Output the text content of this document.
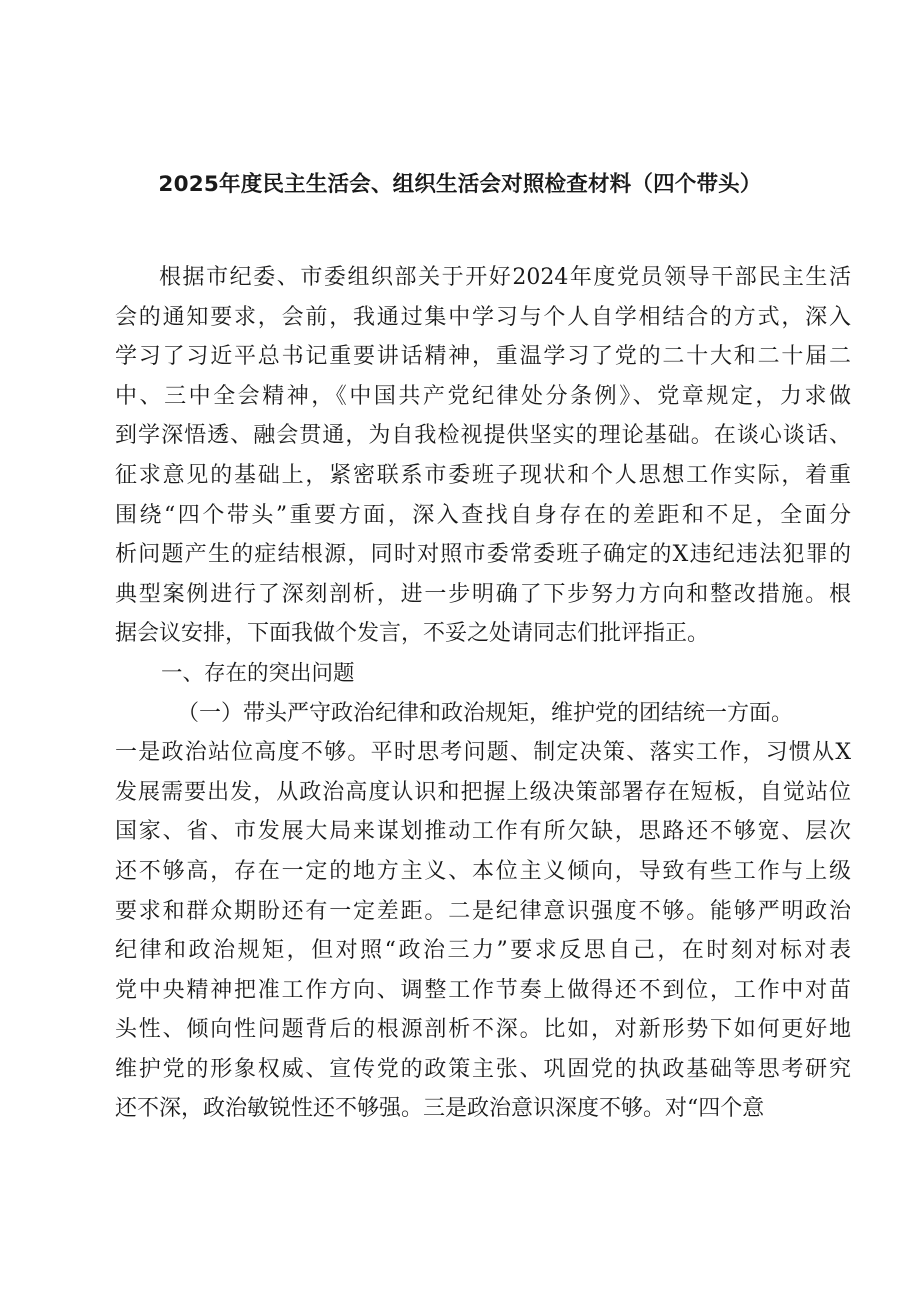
2025年度民主生活会、组织生活会对照检查材料（四个带头）
根据市纪委、市委组织部关于开好2024年度党员领导干部民主生活
会的通知要求，会前，我通过集中学习与个人自学相结合的方式，深入
学习了习近平总书记重要讲话精神，重温学习了党的二十大和二十届二
中、三中全会精神，《中国共产党纪律处分条例》、党章规定，力求做
到学深悟透、融会贯通，为自我检视提供坚实的理论基础。在谈心谈话、
征求意见的基础上，紧密联系市委班子现状和个人思想工作实际，着重
围绕“四个带头”重要方面，深入查找自身存在的差距和不足，全面分
析问题产生的症结根源，同时对照市委常委班子确定的X违纪违法犯罪的
典型案例进行了深刻剖析，进一步明确了下步努力方向和整改措施。根
据会议安排，下面我做个发言，不妥之处请同志们批评指正。
一、存在的突出问题
（一）带头严守政治纪律和政治规矩，维护党的团结统一方面。
一是政治站位高度不够。平时思考问题、制定决策、落实工作，习惯从X
发展需要出发，从政治高度认识和把握上级决策部署存在短板，自觉站位
国家、省、市发展大局来谋划推动工作有所欠缺，思路还不够宽、层次
还不够高，存在一定的地方主义、本位主义倾向，导致有些工作与上级
要求和群众期盼还有一定差距。二是纪律意识强度不够。能够严明政治
纪律和政治规矩，但对照“政治三力”要求反思自己，在时刻对标对表
党中央精神把准工作方向、调整工作节奏上做得还不到位，工作中对苗
头性、倾向性问题背后的根源剖析不深。比如，对新形势下如何更好地
维护党的形象权威、宣传党的政策主张、巩固党的执政基础等思考研究
还不深，政治敏锐性还不够强。三是政治意识深度不够。对“四个意
